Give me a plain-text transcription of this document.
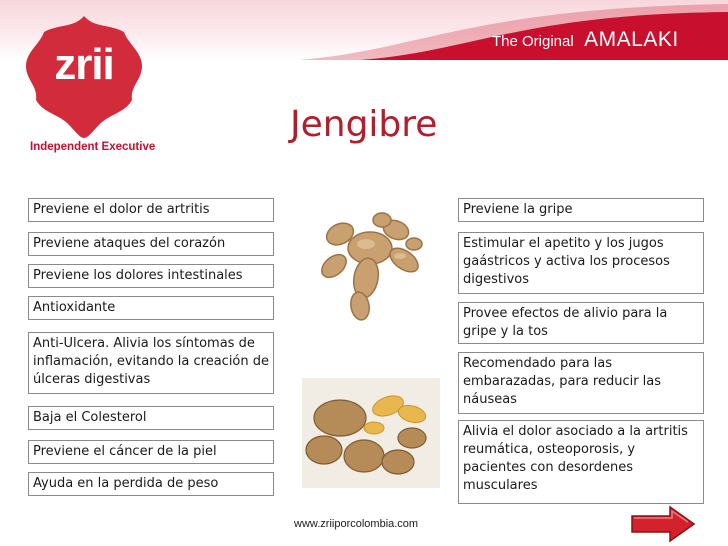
The Original AMALAKI
zrii
Independent Executive
Jengibre
Previene el dolor de artritis
Previene ataques del corazón
Previene los dolores intestinales
Antioxidante
Anti-Ulcera. Alivia los síntomas de inflamación, evitando la creación de úlceras digestivas
Baja el Colesterol
Previene el cáncer de la piel
Ayuda en la perdida de peso
Previene la gripe
Estimular el apetito y los jugos gaástricos y activa los procesos digestivos
Provee efectos de alivio para la gripe y la tos
Recomendado para las embarazadas, para reducir las náuseas
Alivia el dolor asociado a la artritis reumática, osteoporosis, y pacientes con desordenes musculares
www.zriiporcolombia.com
